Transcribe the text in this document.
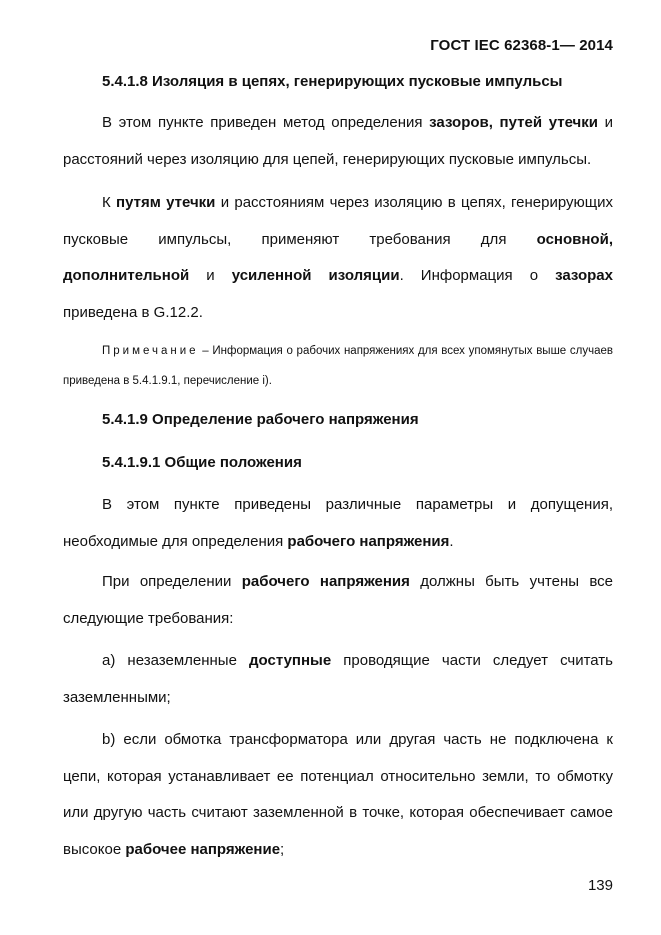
ГОСТ IEC 62368-1— 2014
5.4.1.8 Изоляция в цепях, генерирующих пусковые импульсы
В этом пункте приведен метод определения зазоров, путей утечки и расстояний через изоляцию для цепей, генерирующих пусковые импульсы.
К путям утечки и расстояниям через изоляцию в цепях, генерирующих пусковые импульсы, применяют требования для основной, дополнительной и усиленной изоляции. Информация о зазорах приведена в G.12.2.
Примечание – Информация о рабочих напряжениях для всех упомянутых выше случаев приведена в 5.4.1.9.1, перечисление i).
5.4.1.9 Определение рабочего напряжения
5.4.1.9.1 Общие положения
В этом пункте приведены различные параметры и допущения, необходимые для определения рабочего напряжения.
При определении рабочего напряжения должны быть учтены все следующие требования:
a) незаземленные доступные проводящие части следует считать заземленными;
b) если обмотка трансформатора или другая часть не подключена к цепи, которая устанавливает ее потенциал относительно земли, то обмотку или другую часть считают заземленной в точке, которая обеспечивает самое высокое рабочее напряжение;
139
